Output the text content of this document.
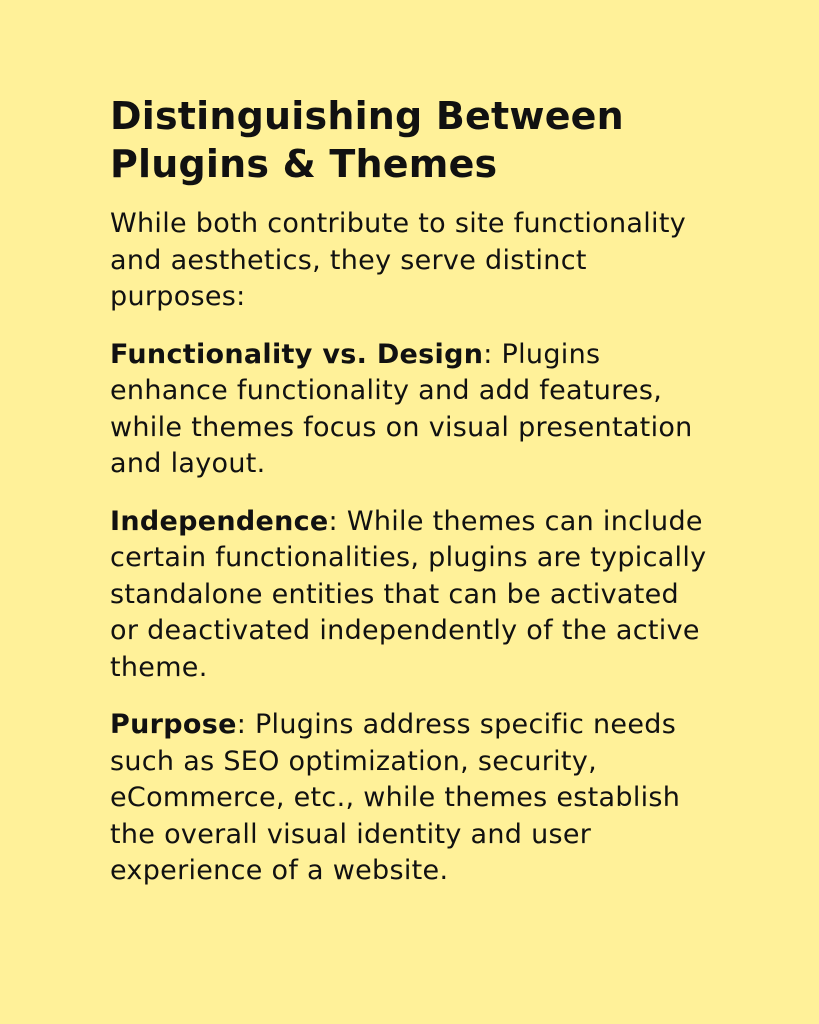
Distinguishing Between Plugins & Themes

While both contribute to site functionality and aesthetics, they serve distinct purposes:

Functionality vs. Design: Plugins enhance functionality and add features, while themes focus on visual presentation and layout.

Independence: While themes can include certain functionalities, plugins are typically standalone entities that can be activated or deactivated independently of the active theme.

Purpose: Plugins address specific needs such as SEO optimization, security, eCommerce, etc., while themes establish the overall visual identity and user experience of a website.
